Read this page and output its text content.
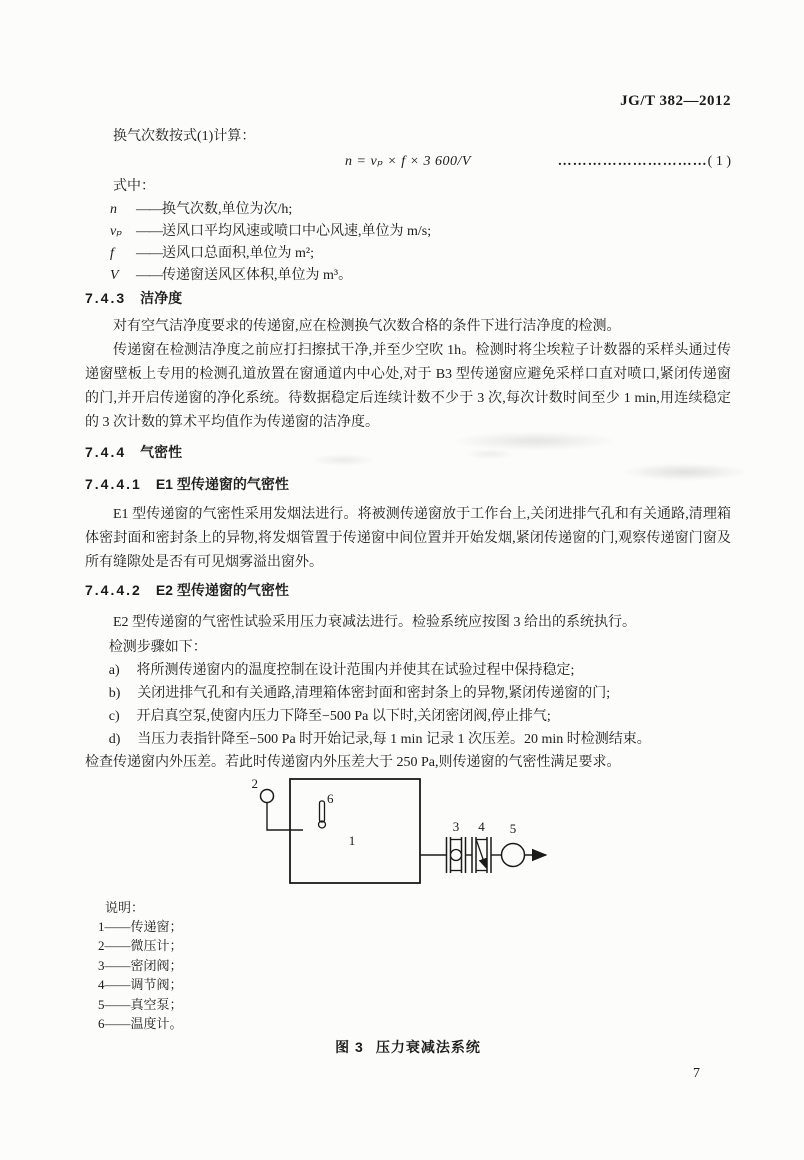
JG/T 382—2012

换气次数按式(1)计算：

n = vₚ × f × 3 600/V	…………………………( 1 )

式中：

n ——换气次数,单位为次/h;
vₚ ——送风口平均风速或喷口中心风速,单位为 m/s;
f ——送风口总面积,单位为 m²;
V ——传递窗送风区体积,单位为 m³。
7.4.3 洁净度

对有空气洁净度要求的传递窗,应在检测换气次数合格的条件下进行洁净度的检测。

传递窗在检测洁净度之前应打扫擦拭干净,并至少空吹 1h。检测时将尘埃粒子计数器的采样头通过传递窗壁板上专用的检测孔道放置在窗通道内中心处,对于 B3 型传递窗应避免采样口直对喷口,紧闭传递窗的门,并开启传递窗的净化系统。待数据稳定后连续计数不少于 3 次,每次计数时间至少 1 min,用连续稳定的 3 次计数的算术平均值作为传递窗的洁净度。

7.4.4 气密性
7.4.4.1 E1 型传递窗的气密性

E1 型传递窗的气密性采用发烟法进行。将被测传递窗放于工作台上,关闭进排气孔和有关通路,清理箱体密封面和密封条上的异物,将发烟管置于传递窗中间位置并开始发烟,紧闭传递窗的门,观察传递窗门窗及所有缝隙处是否有可见烟雾溢出窗外。

7.4.4.2 E2 型传递窗的气密性

E2 型传递窗的气密性试验采用压力衰减法进行。检验系统应按图 3 给出的系统执行。

检测步骤如下：

a) 将所测传递窗内的温度控制在设计范围内并使其在试验过程中保持稳定;

b) 关闭进排气孔和有关通路,清理箱体密封面和密封条上的异物,紧闭传递窗的门;

c) 开启真空泵,使窗内压力下降至−500 Pa 以下时,关闭密闭阀,停止排气;

d) 当压力表指针降至−500 Pa 时开始记录,每 1 min 记录 1 次压差。20 min 时检测结束。

检查传递窗内外压差。若此时传递窗内外压差大于 250 Pa,则传递窗的气密性满足要求。

1
2
6
3 4 5
说明：
1——传递窗；
2——微压计；
3——密闭阀；
4——调节阀；
5——真空泵；
6——温度计。
图 3 压力衰减法系统
7
